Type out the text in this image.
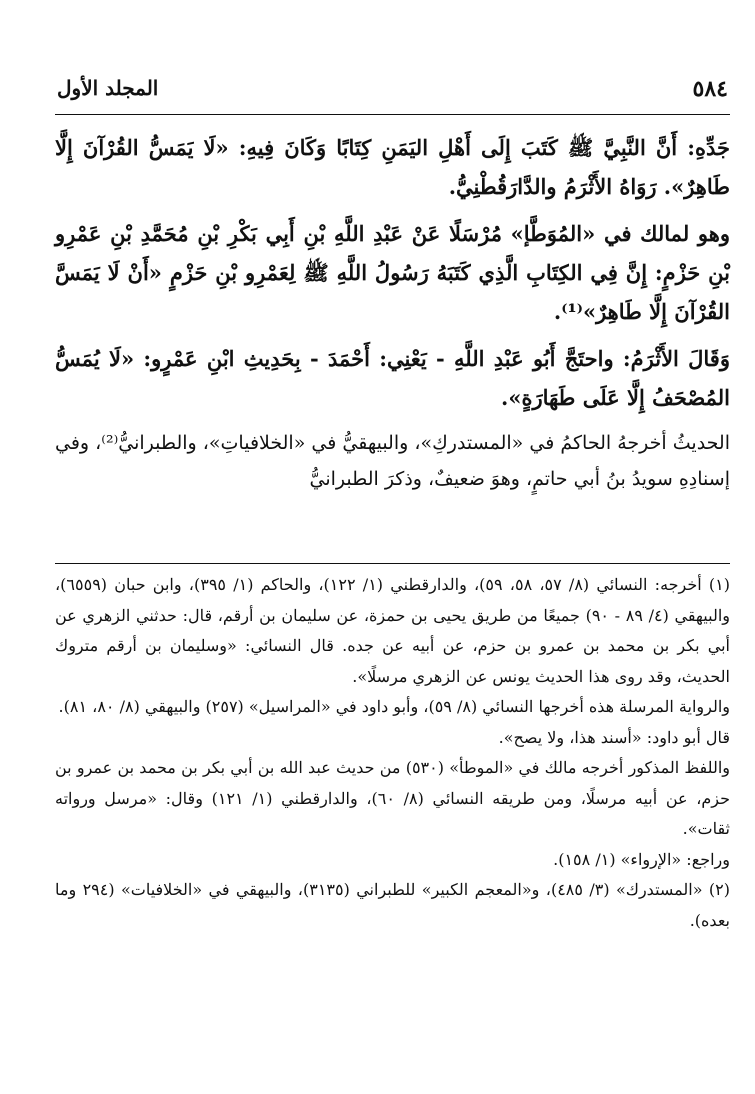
المجلد الأول	٥٨٤

جَدِّهِ: أَنَّ النَّبِيَّ ﷺ كَتَبَ إِلَى أَهْلِ اليَمَنِ كِتَابًا وَكَانَ فِيهِ: «لَا يَمَسُّ القُرْآنَ إِلَّا طَاهِرٌ». رَوَاهُ الأَثْرَمُ والدَّارَقُطْنِيُّ.

وهو لمالك في «المُوَطَّإ» مُرْسَلًا عَنْ عَبْدِ اللَّهِ بْنِ أَبِي بَكْرِ بْنِ مُحَمَّدِ بْنِ عَمْرِو بْنِ حَزْمٍ: إِنَّ فِي الكِتَابِ الَّذِي كَتَبَهُ رَسُولُ اللَّهِ ﷺ لِعَمْرِو بْنِ حَزْمٍ «أَنْ لَا يَمَسَّ القُرْآنَ إِلَّا طَاهِرٌ»⁽¹⁾.

وَقَالَ الأَثْرَمُ: واحتَجَّ أَبُو عَبْدِ اللَّهِ - يَعْنِي: أَحْمَدَ - بِحَدِيثِ ابْنِ عَمْرٍو: «لَا يُمَسُّ المُصْحَفُ إِلَّا عَلَى طَهَارَةٍ».

الحديثُ أخرجهُ الحاكمُ في «المستدركِ»، والبيهقيُّ في «الخلافياتِ»، والطبرانيُّ⁽²⁾، وفي إسنادِهِ سويدُ بنُ أبي حاتمٍ، وهوَ ضعيفٌ، وذكرَ الطبرانيُّ

(١) أخرجه: النسائي (٨/ ٥٧، ٥٨، ٥٩)، والدارقطني (١/ ١٢٢)، والحاكم (١/ ٣٩٥)، وابن حبان (٦٥٥٩)، والبيهقي (٤/ ٨٩ - ٩٠) جميعًا من طريق يحيى بن حمزة، عن سليمان بن أرقم، قال: حدثني الزهري عن أبي بكر بن محمد بن عمرو بن حزم، عن أبيه عن جده. قال النسائي: «وسليمان بن أرقم متروك الحديث، وقد روى هذا الحديث يونس عن الزهري مرسلًا».

والرواية المرسلة هذه أخرجها النسائي (٨/ ٥٩)، وأبو داود في «المراسيل» (٢٥٧) والبيهقي (٨/ ٨٠، ٨١).

قال أبو داود: «أسند هذا، ولا يصح».

واللفظ المذكور أخرجه مالك في «الموطأ» (٥٣٠) من حديث عبد الله بن أبي بكر بن محمد بن عمرو بن حزم، عن أبيه مرسلًا، ومن طريقه النسائي (٨/ ٦٠)، والدارقطني (١/ ١٢١) وقال: «مرسل ورواته ثقات».

وراجع: «الإرواء» (١/ ١٥٨).

(٢) «المستدرك» (٣/ ٤٨٥)، و«المعجم الكبير» للطبراني (٣١٣٥)، والبيهقي في «الخلافيات» (٢٩٤ وما بعده).
